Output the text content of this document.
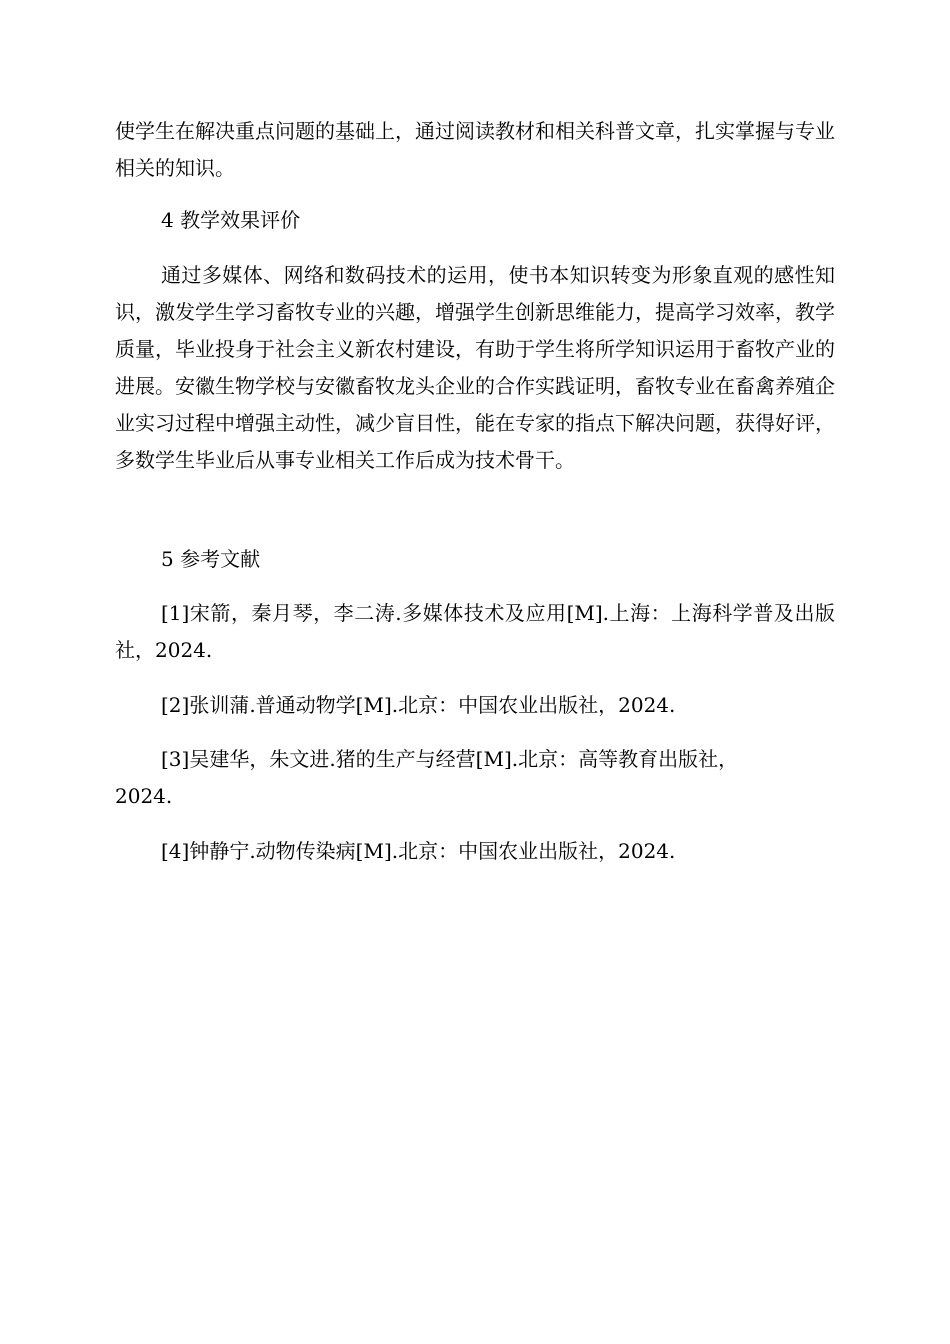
使学生在解决重点问题的基础上，通过阅读教材和相关科普文章，扎实掌握与专业相关的知识。

4 教学效果评价

通过多媒体、网络和数码技术的运用，使书本知识转变为形象直观的感性知识，激发学生学习畜牧专业的兴趣，增强学生创新思维能力，提高学习效率，教学质量，毕业投身于社会主义新农村建设，有助于学生将所学知识运用于畜牧产业的进展。安徽生物学校与安徽畜牧龙头企业的合作实践证明，畜牧专业在畜禽养殖企业实习过程中增强主动性，减少盲目性，能在专家的指点下解决问题，获得好评，多数学生毕业后从事专业相关工作后成为技术骨干。

5 参考文献

[1]宋箭，秦月琴，李二涛.多媒体技术及应用[M].上海：上海科学普及出版社，2024.

[2]张训蒲.普通动物学[M].北京：中国农业出版社，2024.

[3]吴建华，朱文进.猪的生产与经营[M].北京：高等教育出版社，2024.

[4]钟静宁.动物传染病[M].北京：中国农业出版社，2024.
